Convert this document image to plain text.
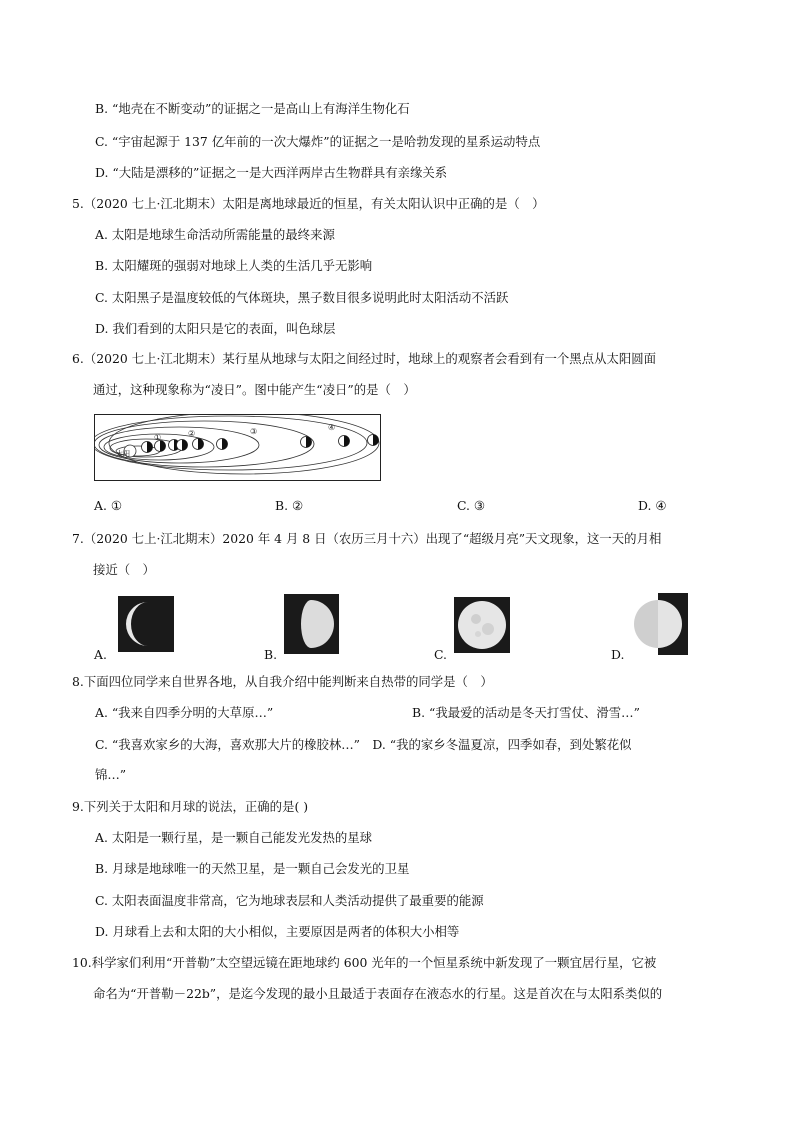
B. “地壳在不断变动”的证据之一是高山上有海洋生物化石
C. “宇宙起源于 137 亿年前的一次大爆炸”的证据之一是哈勃发现的星系运动特点
D. “大陆是漂移的”证据之一是大西洋两岸古生物群具有亲缘关系
5.（2020 七上·江北期末）太阳是离地球最近的恒星，有关太阳认识中正确的是（　）
A. 太阳是地球生命活动所需能量的最终来源
B. 太阳耀斑的强弱对地球上人类的生活几乎无影响
C. 太阳黑子是温度较低的气体斑块，黑子数目很多说明此时太阳活动不活跃
D. 我们看到的太阳只是它的表面，叫色球层
6.（2020 七上·江北期末）某行星从地球与太阳之间经过时，地球上的观察者会看到有一个黑点从太阳圆面
通过，这种现象称为“凌日”。图中能产生“凌日”的是（　）
太阳
①	②	③	④
A. ①	B. ②	C. ③	D. ④
7.（2020 七上·江北期末）2020 年 4 月 8 日（农历三月十六）出现了“超级月亮”天文现象，这一天的月相
接近（　）
A.	B.	C.	D.
8.下面四位同学来自世界各地，从自我介绍中能判断来自热带的同学是（　）
A. “我来自四季分明的大草原…”	B. “我最爱的活动是冬天打雪仗、滑雪…”
C. “我喜欢家乡的大海，喜欢那大片的橡胶林…”　D. “我的家乡冬温夏凉，四季如春，到处繁花似
锦…”
9.下列关于太阳和月球的说法，正确的是( )
A. 太阳是一颗行星，是一颗自己能发光发热的星球
B. 月球是地球唯一的天然卫星，是一颗自己会发光的卫星
C. 太阳表面温度非常高，它为地球表层和人类活动提供了最重要的能源
D. 月球看上去和太阳的大小相似，主要原因是两者的体积大小相等
10.科学家们利用“开普勒”太空望远镜在距地球约 600 光年的一个恒星系统中新发现了一颗宜居行星，它被
命名为“开普勒－22b”，是迄今发现的最小且最适于表面存在液态水的行星。这是首次在与太阳系类似的
